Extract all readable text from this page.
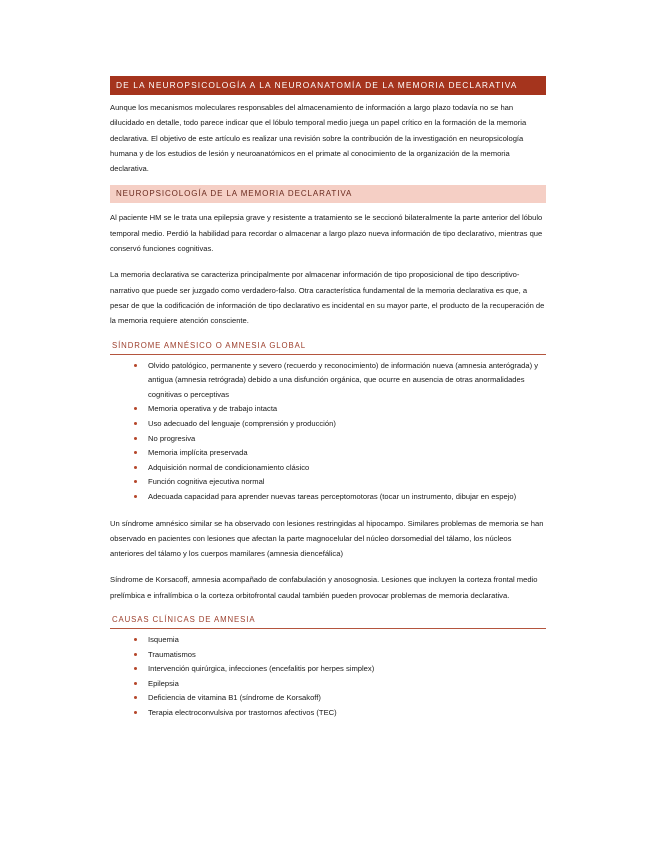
DE LA NEUROPSICOLOGÍA A LA NEUROANATOMÍA DE LA MEMORIA DECLARATIVA

Aunque los mecanismos moleculares responsables del almacenamiento de información a largo plazo todavía no se han dilucidado en detalle, todo parece indicar que el lóbulo temporal medio juega un papel crítico en la formación de la memoria declarativa. El objetivo de este artículo es realizar una revisión sobre la contribución de la investigación en neuropsicología humana y de los estudios de lesión y neuroanatómicos en el primate al conocimiento de la organización de la memoria declarativa.

NEUROPSICOLOGÍA DE LA MEMORIA DECLARATIVA

Al paciente HM se le trata una epilepsia grave y resistente a tratamiento se le seccionó bilateralmente la parte anterior del lóbulo temporal medio. Perdió la habilidad para recordar o almacenar a largo plazo nueva información de tipo declarativo, mientras que conservó funciones cognitivas.

La memoria declarativa se caracteriza principalmente por almacenar información de tipo proposicional de tipo descriptivo-narrativo que puede ser juzgado como verdadero-falso. Otra característica fundamental de la memoria declarativa es que, a pesar de que la codificación de información de tipo declarativo es incidental en su mayor parte, el producto de la recuperación de la memoria requiere atención consciente.

SÍNDROME AMNÉSICO O AMNESIA GLOBAL
Olvido patológico, permanente y severo (recuerdo y reconocimiento) de información nueva (amnesia anterógrada) y antigua (amnesia retrógrada) debido a una disfunción orgánica, que ocurre en ausencia de otras anormalidades cognitivas o perceptivas
Memoria operativa y de trabajo intacta
Uso adecuado del lenguaje (comprensión y producción)
No progresiva
Memoria implícita preservada
Adquisición normal de condicionamiento clásico
Función cognitiva ejecutiva normal
Adecuada capacidad para aprender nuevas tareas perceptomotoras (tocar un instrumento, dibujar en espejo)

Un síndrome amnésico similar se ha observado con lesiones restringidas al hipocampo. Similares problemas de memoria se han observado en pacientes con lesiones que afectan la parte magnocelular del núcleo dorsomedial del tálamo, los núcleos anteriores del tálamo y los cuerpos mamilares (amnesia diencefálica)

Síndrome de Korsacoff, amnesia acompañado de confabulación y anosognosia. Lesiones que incluyen la corteza frontal medio prelímbica e infralímbica o la corteza orbitofrontal caudal también pueden provocar problemas de memoria declarativa.

CAUSAS CLÍNICAS DE AMNESIA
Isquemia
Traumatismos
Intervención quirúrgica, infecciones (encefalitis por herpes simplex)
Epilepsia
Deficiencia de vitamina B1 (síndrome de Korsakoff)
Terapia electroconvulsiva por trastornos afectivos (TEC)
